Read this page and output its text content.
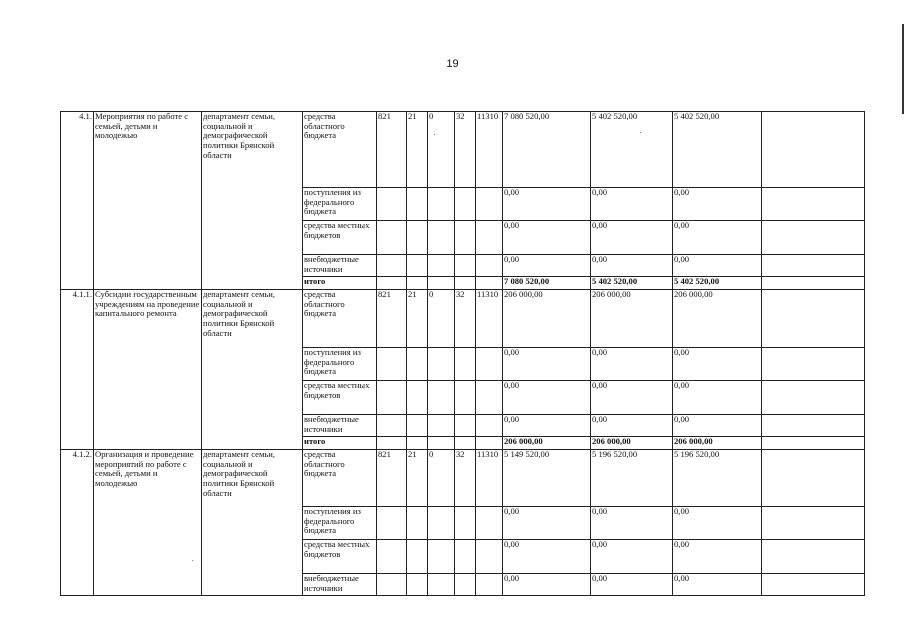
19
4.1.	Мероприятия по работе с семьей, детьми и молодежью	департамент семьи, социальной и демографической политики Брянской области	средства областного бюджета	821	21	0	32	11310	7 080 520,00	5 402 520,00	5 402 520,00	
			поступления из федерального бюджета						0,00	0,00	0,00	
			средства местных бюджетов						0,00	0,00	0,00	
			внебюджетные источники						0,00	0,00	0,00	
			итого						7 080 520,00	5 402 520,00	5 402 520,00	
4.1.1.	Субсидии государственным учреждениям на проведение капитального ремонта	департамент семьи, социальной и демографической политики Брянской области	средства областного бюджета	821	21	0	32	11310	206 000,00	206 000,00	206 000,00	
			поступления из федерального бюджета						0,00	0,00	0,00	
			средства местных бюджетов						0,00	0,00	0,00	
			внебюджетные источники						0,00	0,00	0,00	
			итого						206 000,00	206 000,00	206 000,00	
4.1.2.	Организация и проведение мероприятий по работе с семьей, детьми и молодежью	департамент семьи, социальной и демографической политики Брянской области	средства областного бюджета	821	21	0	32	11310	5 149 520,00	5 196 520,00	5 196 520,00	
			поступления из федерального бюджета						0,00	0,00	0,00	
			средства местных бюджетов						0,00	0,00	0,00	
			внебюджетные источники						0,00	0,00	0,00	
